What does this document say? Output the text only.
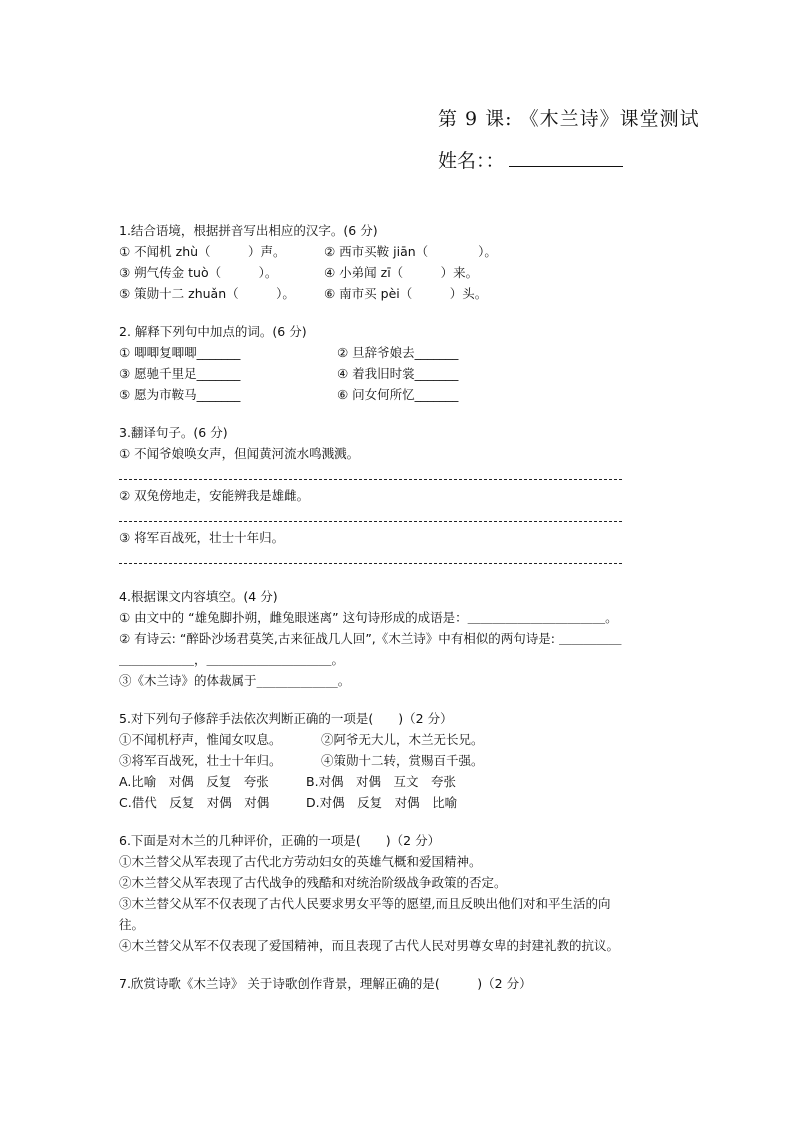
第 9 课: 《木兰诗》课堂测试
姓名：：
1.结合语境，根据拼音写出相应的汉字。(6 分)
① 不闻机 zhù（　　　）声。	② 西市买鞍 jiān（　　　　）。
③ 朔气传金 tuò（　　　）。	④ 小弟闻 zī（　　　）来。
⑤ 策勋十二 zhuǎn（　　　）。	⑥ 南市买 pèi（　　　）头。
2. 解释下列句中加点的词。(6 分)
① 唧唧复唧唧_______	② 旦辞爷娘去_______
③ 愿驰千里足_______	④ 着我旧时裳_______
⑤ 愿为市鞍马_______	⑥ 问女何所忆_______
3.翻译句子。(6 分)
① 不闻爷娘唤女声，但闻黄河流水鸣溅溅。
② 双兔傍地走，安能辨我是雄雌。
③ 将军百战死，壮士十年归。
4.根据课文内容填空。(4 分)
① 由文中的 “雄兔脚扑朔，雌兔眼迷离” 这句诗形成的成语是：＿＿＿＿＿＿＿＿＿＿＿。
② 有诗云: “醉卧沙场君莫笑,古来征战几人回”,《木兰诗》中有相似的两句诗是: ＿＿＿＿＿
＿＿＿＿＿＿，＿＿＿＿＿＿＿＿＿＿。
③《木兰诗》的体裁属于_____________。
5.对下列句子修辞手法依次判断正确的一项是(　　)（2 分）
①不闻机杼声，惟闻女叹息。	②阿爷无大儿，木兰无长兄。
③将军百战死，壮士十年归。	④策勋十二转，赏赐百千强。
A.比喻　对偶　反复　夸张	B.对偶　对偶　互文　夸张
C.借代　反复　对偶　对偶	D.对偶　反复　对偶　比喻
6.下面是对木兰的几种评价，正确的一项是(　　)（2 分）
①木兰替父从军表现了古代北方劳动妇女的英雄气概和爱国精神。
②木兰替父从军表现了古代战争的残酷和对统治阶级战争政策的否定。
③木兰替父从军不仅表现了古代人民要求男女平等的愿望,而且反映出他们对和平生活的向
往。
④木兰替父从军不仅表现了爱国精神，而且表现了古代人民对男尊女卑的封建礼教的抗议。
7.欣赏诗歌《木兰诗》 关于诗歌创作背景，理解正确的是(　　　)（2 分）
